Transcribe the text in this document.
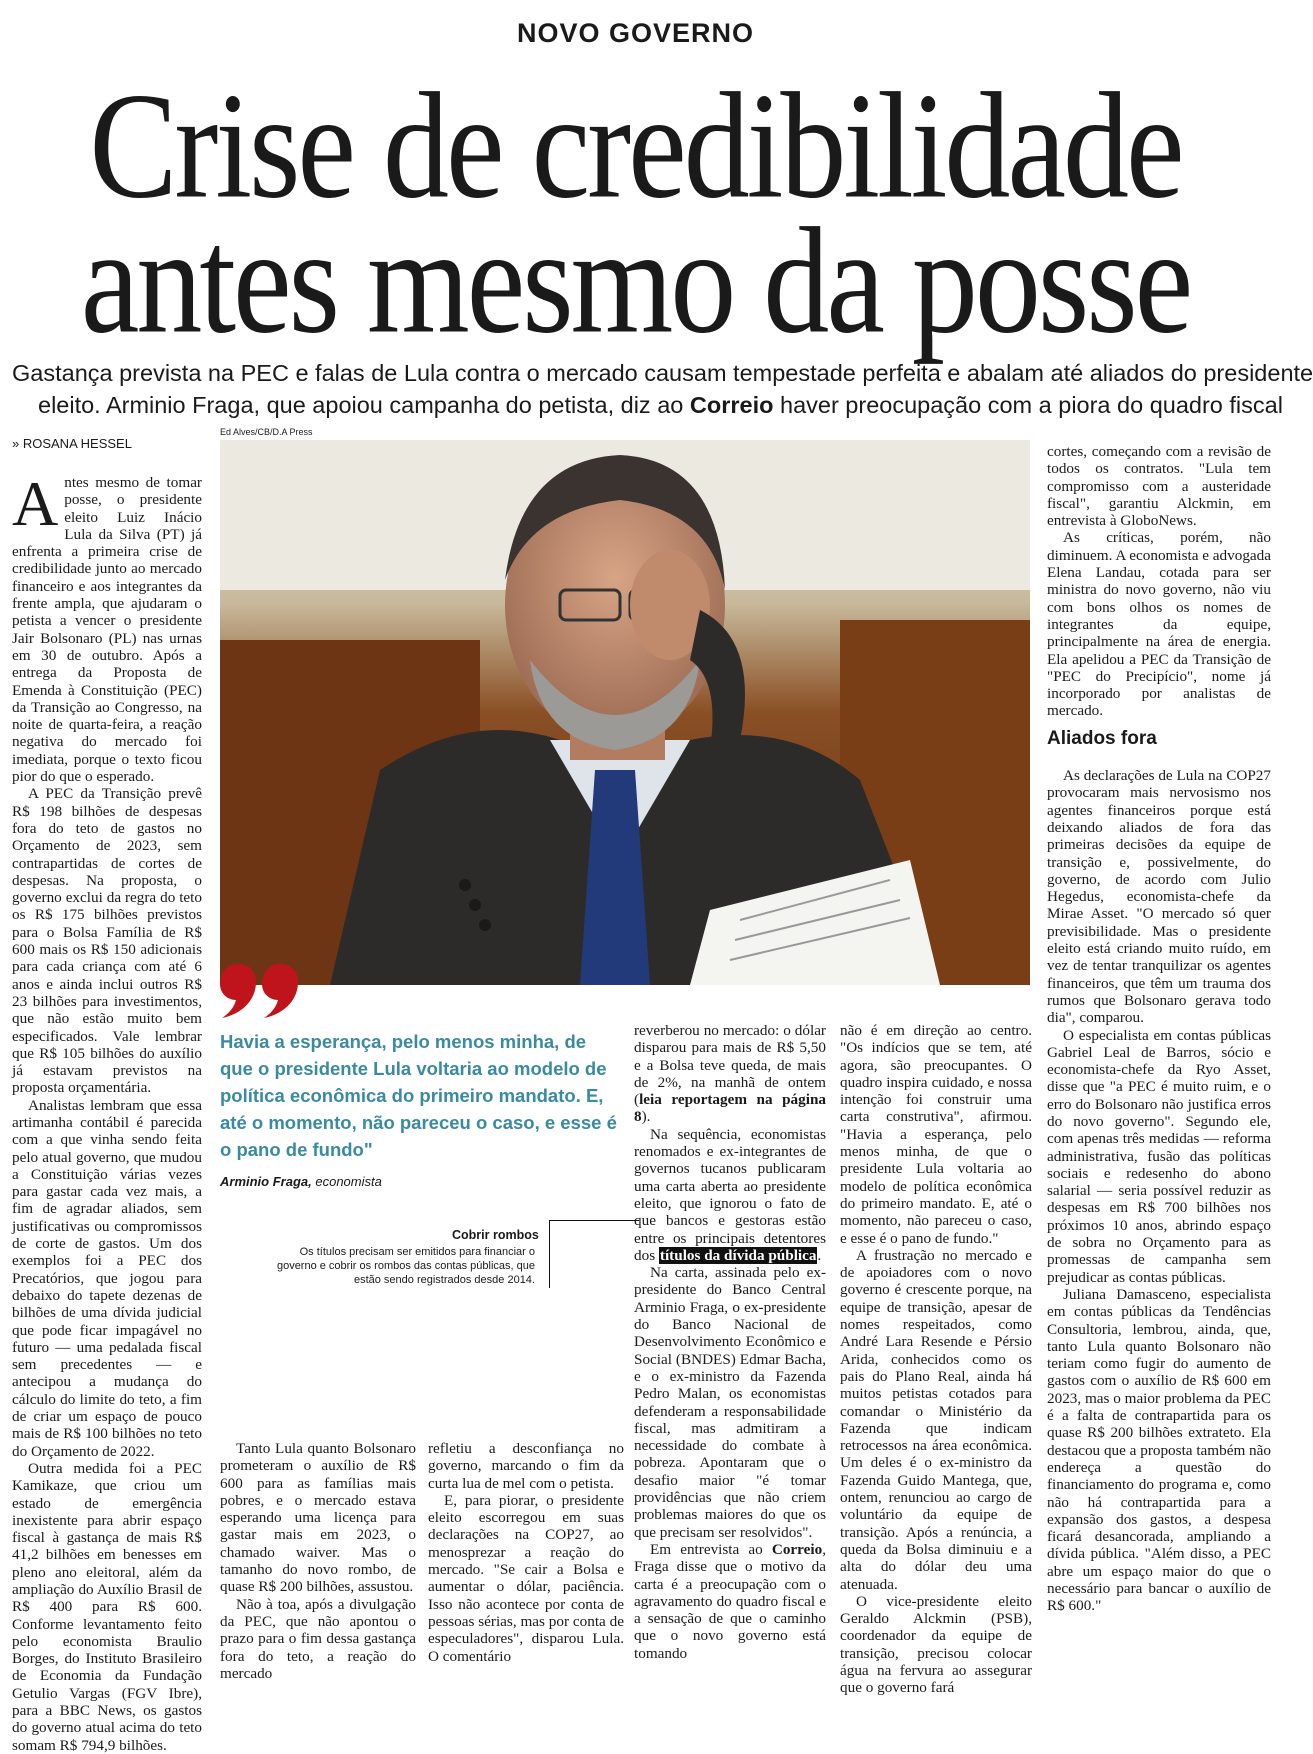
NOVO GOVERNO
Crise de credibilidade
antes mesmo da posse
Gastança prevista na PEC e falas de Lula contra o mercado causam tempestade perfeita e abalam até aliados do presidente
eleito. Arminio Fraga, que apoiou campanha do petista, diz ao Correio haver preocupação com a piora do quadro fiscal
» ROSANA HESSEL
Ed Alves/CB/D.A Press
Havia a esperança, pelo menos minha, de que o presidente Lula voltaria ao modelo de política econômica do primeiro mandato. E, até o momento, não pareceu o caso, e esse é o pano de fundo"
Arminio Fraga, economista
Cobrir rombos
Os títulos precisam ser emitidos para financiar o governo e cobrir os rombos das contas públicas, que estão sendo registrados desde 2014.

Antes mesmo de tomar posse, o presidente eleito Luiz Inácio Lula da Silva (PT) já enfrenta a primeira crise de credibilidade junto ao mercado financeiro e aos integrantes da frente ampla, que ajudaram o petista a vencer o presidente Jair Bolsonaro (PL) nas urnas em 30 de outubro. Após a entrega da Proposta de Emenda à Constituição (PEC) da Transição ao Congresso, na noite de quarta-feira, a reação negativa do mercado foi imediata, porque o texto ficou pior do que o esperado.

A PEC da Transição prevê R$ 198 bilhões de despesas fora do teto de gastos no Orçamento de 2023, sem contrapartidas de cortes de despesas. Na proposta, o governo exclui da regra do teto os R$ 175 bilhões previstos para o Bolsa Família de R$ 600 mais os R$ 150 adicionais para cada criança com até 6 anos e ainda inclui outros R$ 23 bilhões para investimentos, que não estão muito bem especificados. Vale lembrar que R$ 105 bilhões do auxílio já estavam previstos na proposta orçamentária.

Analistas lembram que essa artimanha contábil é parecida com a que vinha sendo feita pelo atual governo, que mudou a Constituição várias vezes para gastar cada vez mais, a fim de agradar aliados, sem justificativas ou compromissos de corte de gastos. Um dos exemplos foi a PEC dos Precatórios, que jogou para debaixo do tapete dezenas de bilhões de uma dívida judicial que pode ficar impagável no futuro — uma pedalada fiscal sem precedentes — e antecipou a mudança do cálculo do limite do teto, a fim de criar um espaço de pouco mais de R$ 100 bilhões no teto do Orçamento de 2022.

Outra medida foi a PEC Kamikaze, que criou um estado de emergência inexistente para abrir espaço fiscal à gastança de mais R$ 41,2 bilhões em benesses em pleno ano eleitoral, além da ampliação do Auxílio Brasil de R$ 400 para R$ 600. Conforme levantamento feito pelo economista Braulio Borges, do Instituto Brasileiro de Economia da Fundação Getulio Vargas (FGV Ibre), para a BBC News, os gastos do governo atual acima do teto somam R$ 794,9 bilhões.

Tanto Lula quanto Bolsonaro prometeram o auxílio de R$ 600 para as famílias mais pobres, e o mercado estava esperando uma licença para gastar mais em 2023, o chamado waiver. Mas o tamanho do novo rombo, de quase R$ 200 bilhões, assustou.

Não à toa, após a divulgação da PEC, que não apontou o prazo para o fim dessa gastança fora do teto, a reação do mercado

refletiu a desconfiança no governo, marcando o fim da curta lua de mel com o petista.

E, para piorar, o presidente eleito escorregou em suas declarações na COP27, ao menosprezar a reação do mercado. "Se cair a Bolsa e aumentar o dólar, paciência. Isso não acontece por conta de pessoas sérias, mas por conta de especuladores", disparou Lula. O comentário

reverberou no mercado: o dólar disparou para mais de R$ 5,50 e a Bolsa teve queda, de mais de 2%, na manhã de ontem (leia reportagem na página 8).

Na sequência, economistas renomados e ex-integrantes de governos tucanos publicaram uma carta aberta ao presidente eleito, que ignorou o fato de que bancos e gestoras estão entre os principais detentores dos títulos da dívida pública.

Na carta, assinada pelo ex-presidente do Banco Central Arminio Fraga, o ex-presidente do Banco Nacional de Desenvolvimento Econômico e Social (BNDES) Edmar Bacha, e o ex-ministro da Fazenda Pedro Malan, os economistas defenderam a responsabilidade fiscal, mas admitiram a necessidade do combate à pobreza. Apontaram que o desafio maior "é tomar providências que não criem problemas maiores do que os que precisam ser resolvidos".

Em entrevista ao Correio, Fraga disse que o motivo da carta é a preocupação com o agravamento do quadro fiscal e a sensação de que o caminho que o novo governo está tomando

não é em direção ao centro. "Os indícios que se tem, até agora, são preocupantes. O quadro inspira cuidado, e nossa intenção foi construir uma carta construtiva", afirmou. "Havia a esperança, pelo menos minha, de que o presidente Lula voltaria ao modelo de política econômica do primeiro mandato. E, até o momento, não pareceu o caso, e esse é o pano de fundo."

A frustração no mercado e de apoiadores com o novo governo é crescente porque, na equipe de transição, apesar de nomes respeitados, como André Lara Resende e Pérsio Arida, conhecidos como os pais do Plano Real, ainda há muitos petistas cotados para comandar o Ministério da Fazenda que indicam retrocessos na área econômica. Um deles é o ex-ministro da Fazenda Guido Mantega, que, ontem, renunciou ao cargo de voluntário da equipe de transição. Após a renúncia, a queda da Bolsa diminuiu e a alta do dólar deu uma atenuada.

O vice-presidente eleito Geraldo Alckmin (PSB), coordenador da equipe de transição, precisou colocar água na fervura ao assegurar que o governo fará

cortes, começando com a revisão de todos os contratos. "Lula tem compromisso com a austeridade fiscal", garantiu Alckmin, em entrevista à GloboNews.

As críticas, porém, não diminuem. A economista e advogada Elena Landau, cotada para ser ministra do novo governo, não viu com bons olhos os nomes de integrantes da equipe, principalmente na área de energia. Ela apelidou a PEC da Transição de "PEC do Precipício", nome já incorporado por analistas de mercado.

Aliados fora

As declarações de Lula na COP27 provocaram mais nervosismo nos agentes financeiros porque está deixando aliados de fora das primeiras decisões da equipe de transição e, possivelmente, do governo, de acordo com Julio Hegedus, economista-chefe da Mirae Asset. "O mercado só quer previsibilidade. Mas o presidente eleito está criando muito ruído, em vez de tentar tranquilizar os agentes financeiros, que têm um trauma dos rumos que Bolsonaro gerava todo dia", comparou.

O especialista em contas públicas Gabriel Leal de Barros, sócio e economista-chefe da Ryo Asset, disse que "a PEC é muito ruim, e o erro do Bolsonaro não justifica erros do novo governo". Segundo ele, com apenas três medidas — reforma administrativa, fusão das políticas sociais e redesenho do abono salarial — seria possível reduzir as despesas em R$ 700 bilhões nos próximos 10 anos, abrindo espaço de sobra no Orçamento para as promessas de campanha sem prejudicar as contas públicas.

Juliana Damasceno, especialista em contas públicas da Tendências Consultoria, lembrou, ainda, que, tanto Lula quanto Bolsonaro não teriam como fugir do aumento de gastos com o auxílio de R$ 600 em 2023, mas o maior problema da PEC é a falta de contrapartida para os quase R$ 200 bilhões extrateto. Ela destacou que a proposta também não endereça a questão do financiamento do programa e, como não há contrapartida para a expansão dos gastos, a despesa ficará desancorada, ampliando a dívida pública. "Além disso, a PEC abre um espaço maior do que o necessário para bancar o auxílio de R$ 600."
